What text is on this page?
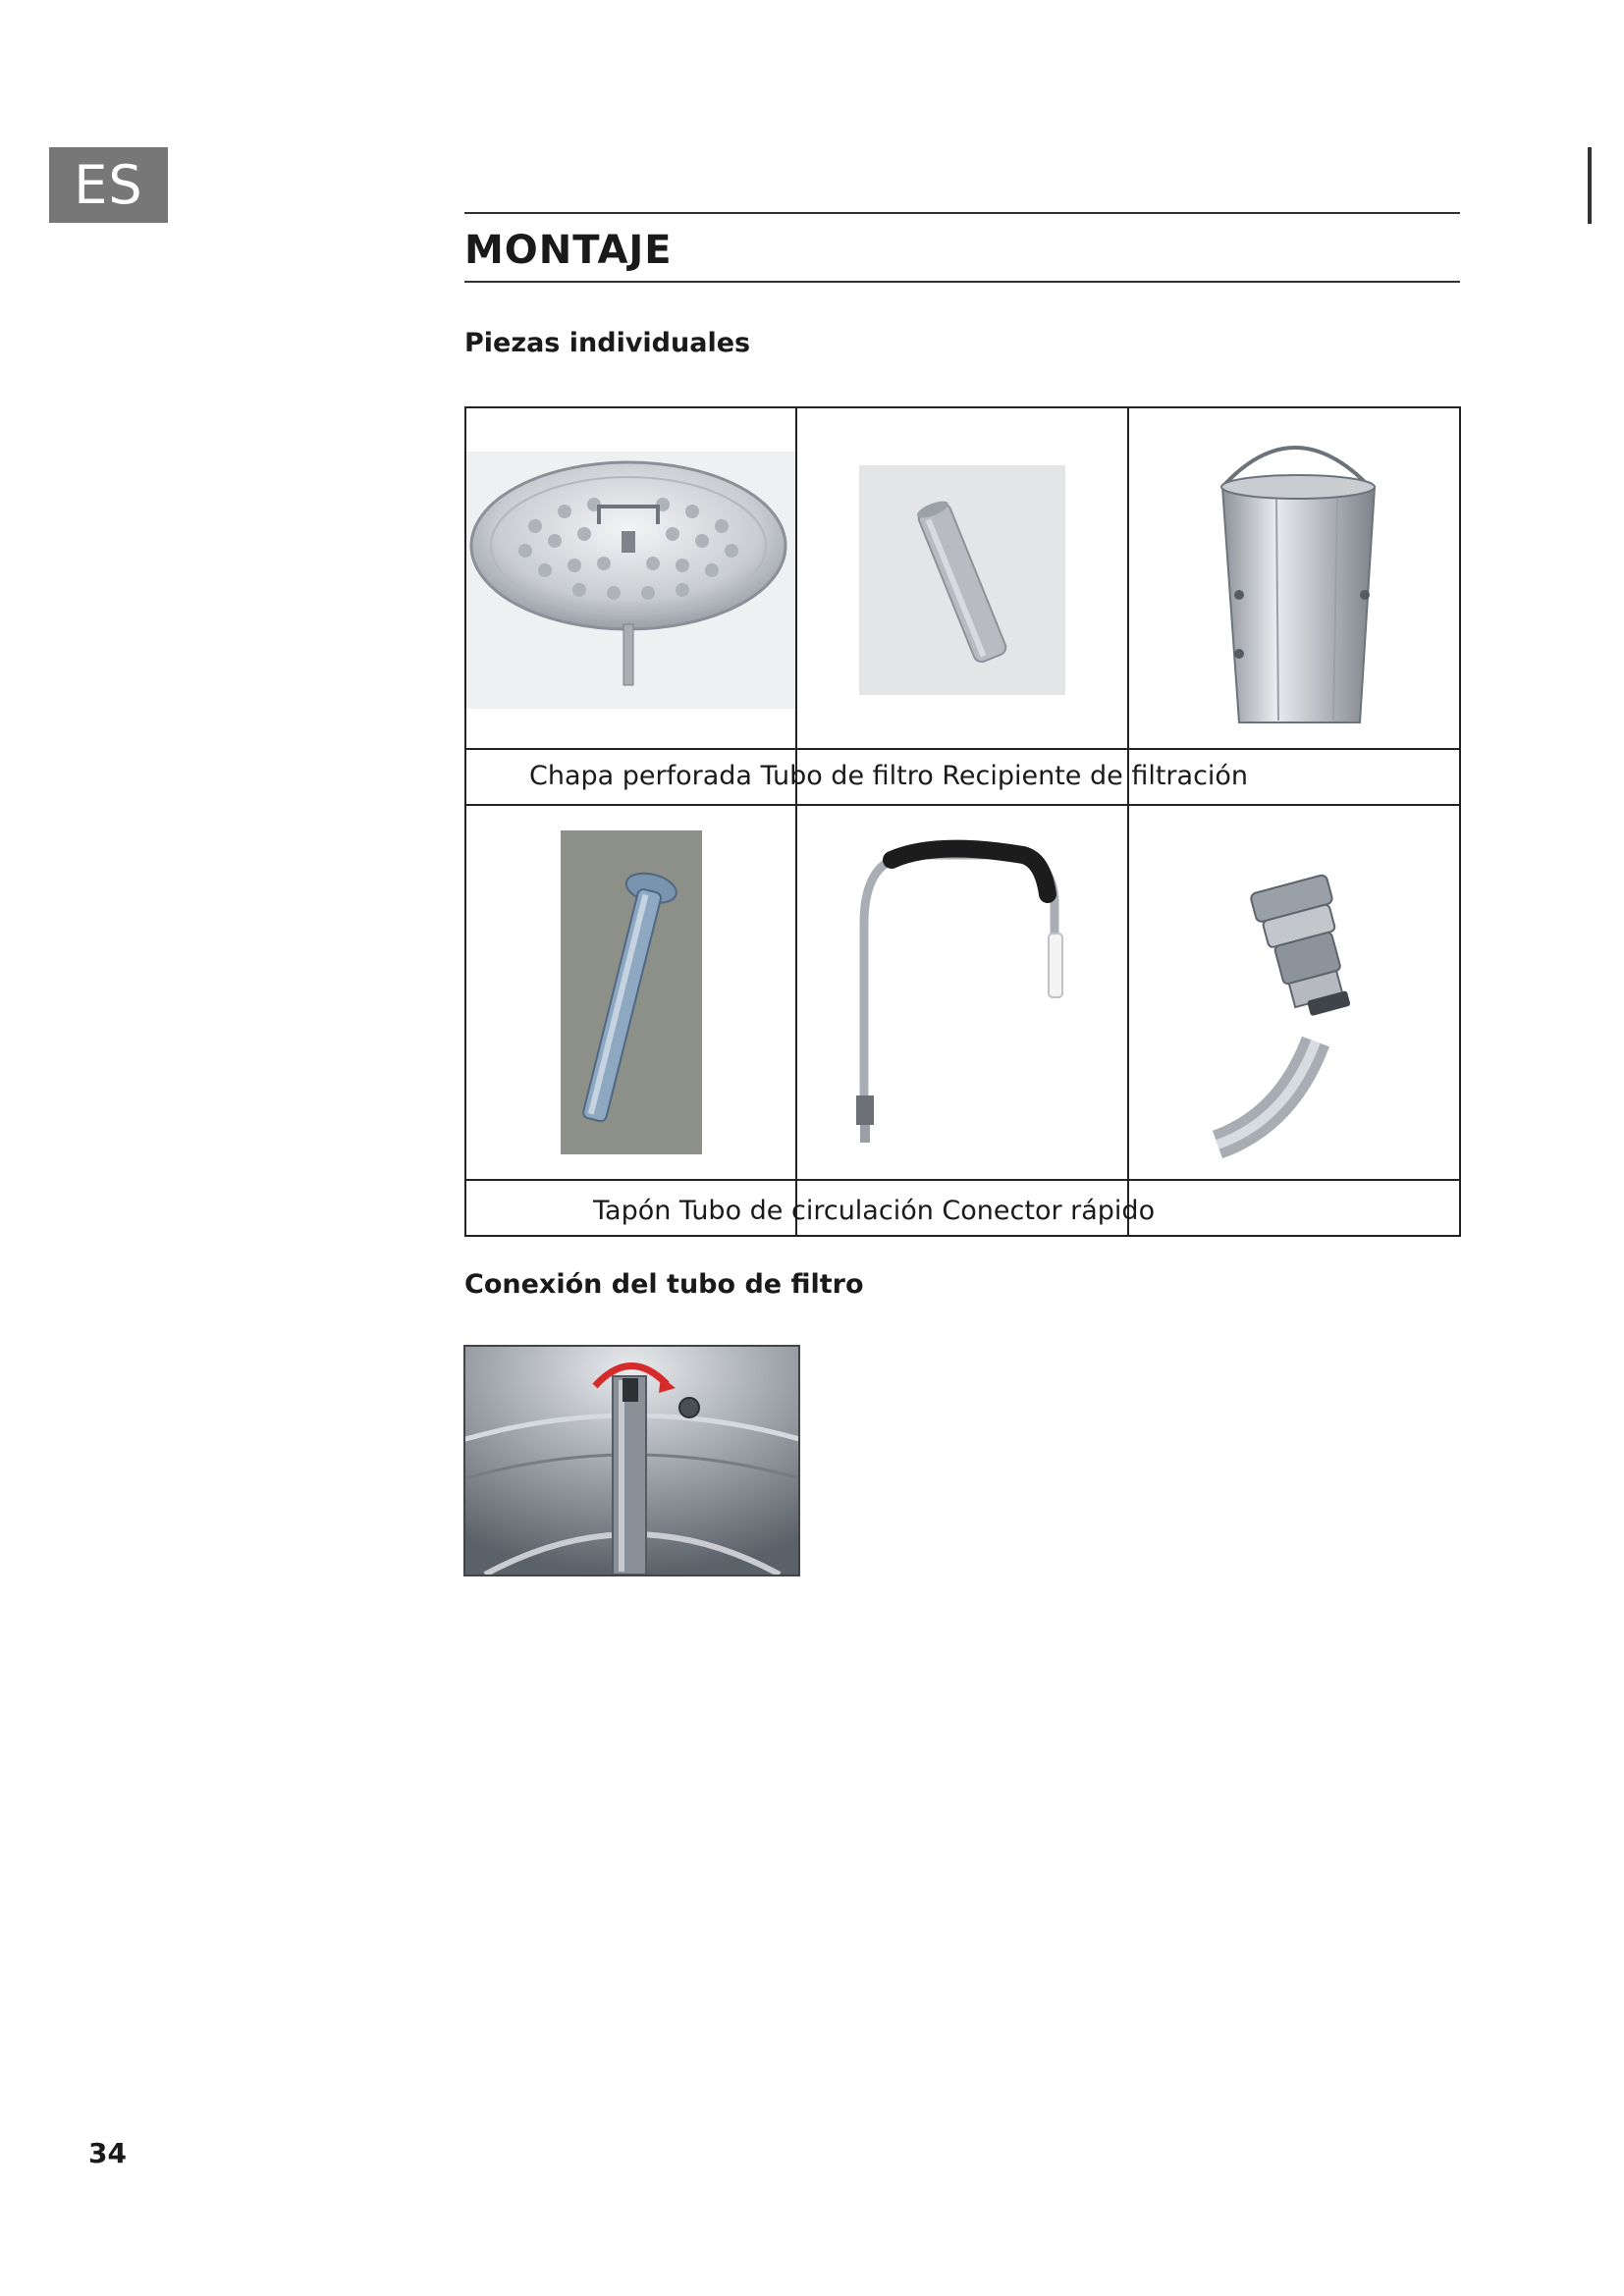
ES
MONTAJE
Piezas individuales
Chapa perforada Tubo de filtro Recipiente de filtración
Tapón Tubo de circulación Conector rápido
Conexión del tubo de filtro
34
